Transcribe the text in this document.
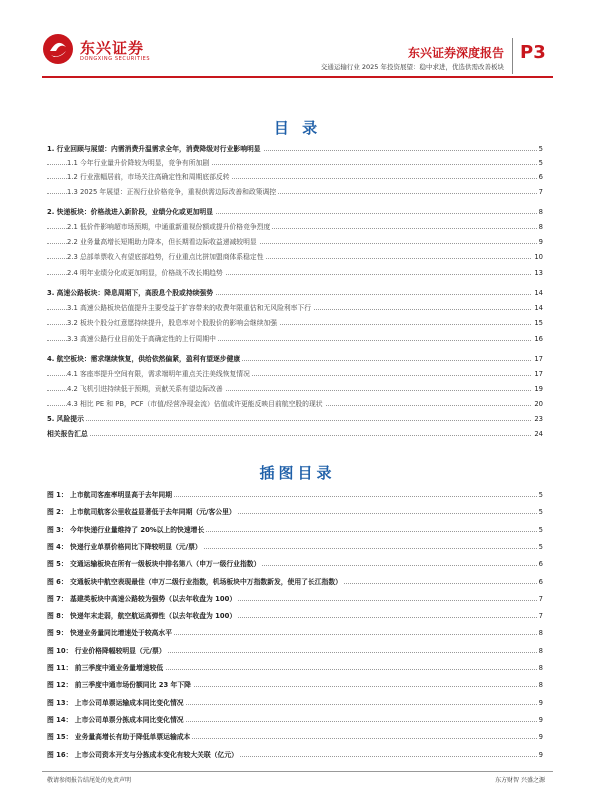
东兴证券
DONGXING SECURITIES	东兴证券深度报告
交通运输行业 2025 年投资展望：稳中求进，优选供需改善板块
P3
目 录
1. 行业回顾与展望：内需消费升温需求全年，消费降级对行业影响明显	5
1.1 今年行业量升价降较为明显，竞争有所加剧	5
1.2 行业涨幅居前，市场关注高确定性和周期底部反转	6
1.3 2025 年展望：正视行业价格竞争，重视供需边际改善和政策调控	7
2. 快递板块：价格战进入新阶段，业绩分化或更加明显	8
2.1 低价件影响超市场预期，中通重新重视份额或提升价格竞争烈度	8
2.2 业务量高增长短期助力降本，但长期看边际收益递减较明显	9
2.3 总部单票收入有望底部趋势，行业重点比拼加盟商体系稳定性	10
2.4 明年业绩分化或更加明显，价格战不改长期趋势	13
3. 高速公路板块：降息周期下，高股息个股或持续强势	14
3.1 高速公路板块估值提升主要受益于扩容带来的收费年限重估和无风险利率下行	14
3.2 板块个股分红意愿持续提升，股息率对个股股价的影响会继续加强	15
3.3 高速公路行业目前处于高确定性的上行周期中	16
4. 航空板块：需求继续恢复，供给依然偏紧，盈利有望逐步健康	17
4.1 客座率提升空间有限，需求端明年重点关注美线恢复情况	17
4.2 飞机引进持续低于预期，贡献关系有望边际改善	19
4.3 相比 PE 和 PB，PCF（市值/经营净现金流）估值或许更能反映目前航空股的现状	20
5. 风险提示	23
相关报告汇总	24
插图目录
图 1： 上市航司客座率明显高于去年同期	5
图 2： 上市航司航客公里收益显著低于去年同期（元/客公里）	5
图 3： 今年快递行业量维持了 20%以上的快速增长	5
图 4： 快递行业单票价格同比下降较明显（元/票）	5
图 5： 交通运输板块在所有一级板块中排名第八（申万一级行业指数）	6
图 6： 交通板块中航空表现最佳（申万二级行业指数，机场板块中万指数新发，使用了长江指数）	6
图 7： 基建类板块中高速公路较为强势（以去年收盘为 100）	7
图 8： 快递年末走弱，航空航运高弹性（以去年收盘为 100）	7
图 9： 快递业务量同比增速处于较高水平	8
图 10： 行业价格降幅较明显（元/票）	8
图 11： 前三季度中通业务量增速较低	8
图 12： 前三季度中通市场份额同比 23 年下降	8
图 13： 上市公司单票运输成本同比变化情况	9
图 14： 上市公司单票分拣成本同比变化情况	9
图 15： 业务量高增长有助于降低单票运输成本	9
图 16： 上市公司资本开支与分拣成本变化有较大关联（亿元）	9
敬请参阅报告结尾处的免责声明	东方财智 兴盛之源
